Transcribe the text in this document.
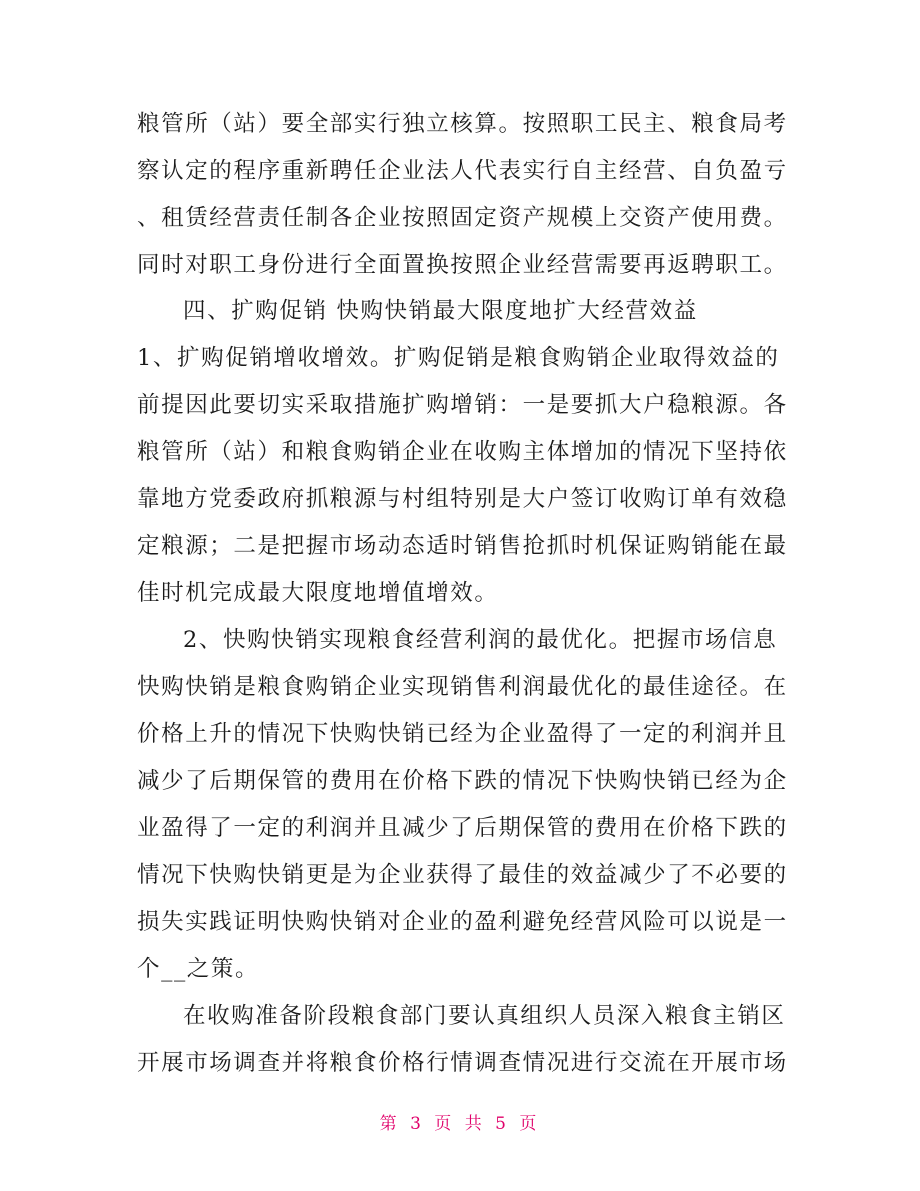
粮管所（站）要全部实行独立核算。按照职工民主、粮食局考
察认定的程序重新聘任企业法人代表实行自主经营、自负盈亏
、租赁经营责任制各企业按照固定资产规模上交资产使用费。
同时对职工身份进行全面置换按照企业经营需要再返聘职工。
四、扩购促销 快购快销最大限度地扩大经营效益
1、扩购促销增收增效。扩购促销是粮食购销企业取得效益的
前提因此要切实采取措施扩购增销：一是要抓大户稳粮源。各
粮管所（站）和粮食购销企业在收购主体增加的情况下坚持依
靠地方党委政府抓粮源与村组特别是大户签订收购订单有效稳
定粮源；二是把握市场动态适时销售抢抓时机保证购销能在最
佳时机完成最大限度地增值增效。
2、快购快销实现粮食经营利润的最优化。把握市场信息
快购快销是粮食购销企业实现销售利润最优化的最佳途径。在
价格上升的情况下快购快销已经为企业盈得了一定的利润并且
减少了后期保管的费用在价格下跌的情况下快购快销已经为企
业盈得了一定的利润并且减少了后期保管的费用在价格下跌的
情况下快购快销更是为企业获得了最佳的效益减少了不必要的
损失实践证明快购快销对企业的盈利避免经营风险可以说是一
个__之策。
在收购准备阶段粮食部门要认真组织人员深入粮食主销区
开展市场调查并将粮食价格行情调查情况进行交流在开展市场
第 3 页 共 5 页
